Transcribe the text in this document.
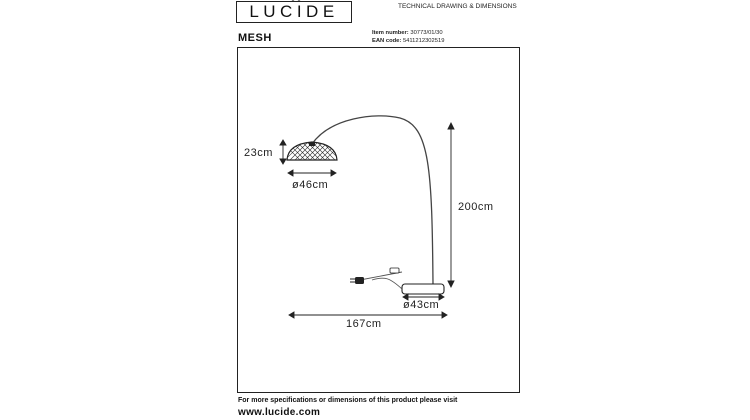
LUCIDE	TECHNICAL DRAWING & DIMENSIONS
MESH	Item number: 30773/01/30
EAN code: 5411212302519
23cm
ø46cm
200cm
ø43cm
167cm
For more specifications or dimensions of this product please visit
www.lucide.com
